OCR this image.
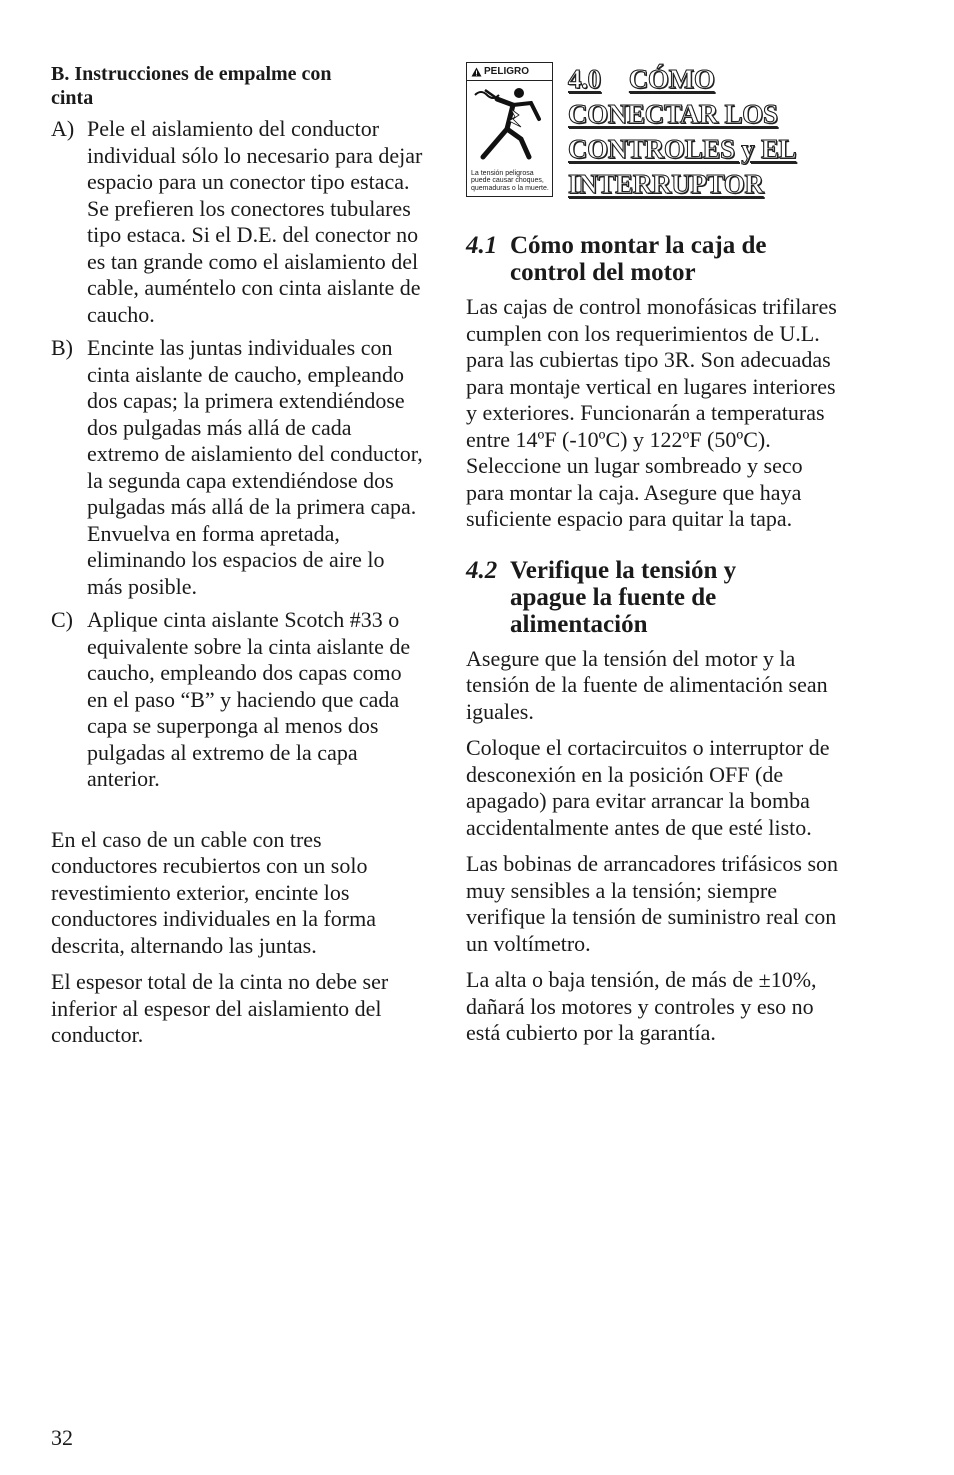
B. Instrucciones de empalme con cinta

A) Pele el aislamiento del conductor individual sólo lo necesario para dejar espacio para un conector tipo estaca. Se prefieren los conectores tubulares tipo estaca. Si el D.E. del conector no es tan grande como el aislamiento del cable, auméntelo con cinta aislante de caucho.

B) Encinte las juntas individuales con cinta aislante de caucho, empleando dos capas; la primera extendiéndose dos pulgadas más allá de cada extremo de aislamiento del conductor, la segunda capa extendiéndose dos pulgadas más allá de la primera capa. Envuelva en forma apretada, eliminando los espacios de aire lo más posible.

C) Aplique cinta aislante Scotch #33 o equivalente sobre la cinta aislante de caucho, empleando dos capas como en el paso “B” y haciendo que cada capa se superponga al menos dos pulgadas al extremo de la capa anterior.

En el caso de un cable con tres conductores recubiertos con un solo revestimiento exterior, encinte los conductores individuales en la forma descrita, alternando las juntas.

El espesor total de la cinta no debe ser inferior al espesor del aislamiento del conductor.

PELIGRO
La tensión peligrosa puede causar choques, quemaduras o la muerte.
4.0 CÓMO
CONECTAR LOS
CONTROLES y EL
INTERRUPTOR
4.1 Cómo montar la caja de control del motor

Las cajas de control monofásicas trifilares cumplen con los requerimientos de U.L. para las cubiertas tipo 3R. Son adecuadas para montaje vertical en lugares interiores y exteriores. Funcionarán a temperaturas entre 14ºF (-10ºC) y 122ºF (50ºC). Seleccione un lugar sombreado y seco para montar la caja. Asegure que haya suficiente espacio para quitar la tapa.

4.2 Verifique la tensión y apague la fuente de alimentación

Asegure que la tensión del motor y la tensión de la fuente de alimentación sean iguales.

Coloque el cortacircuitos o interruptor de desconexión en la posición OFF (de apagado) para evitar arrancar la bomba accidentalmente antes de que esté listo.

Las bobinas de arrancadores trifásicos son muy sensibles a la tensión; siempre verifique la tensión de suministro real con un voltímetro.

La alta o baja tensión, de más de ±10%, dañará los motores y controles y eso no está cubierto por la garantía.

32
